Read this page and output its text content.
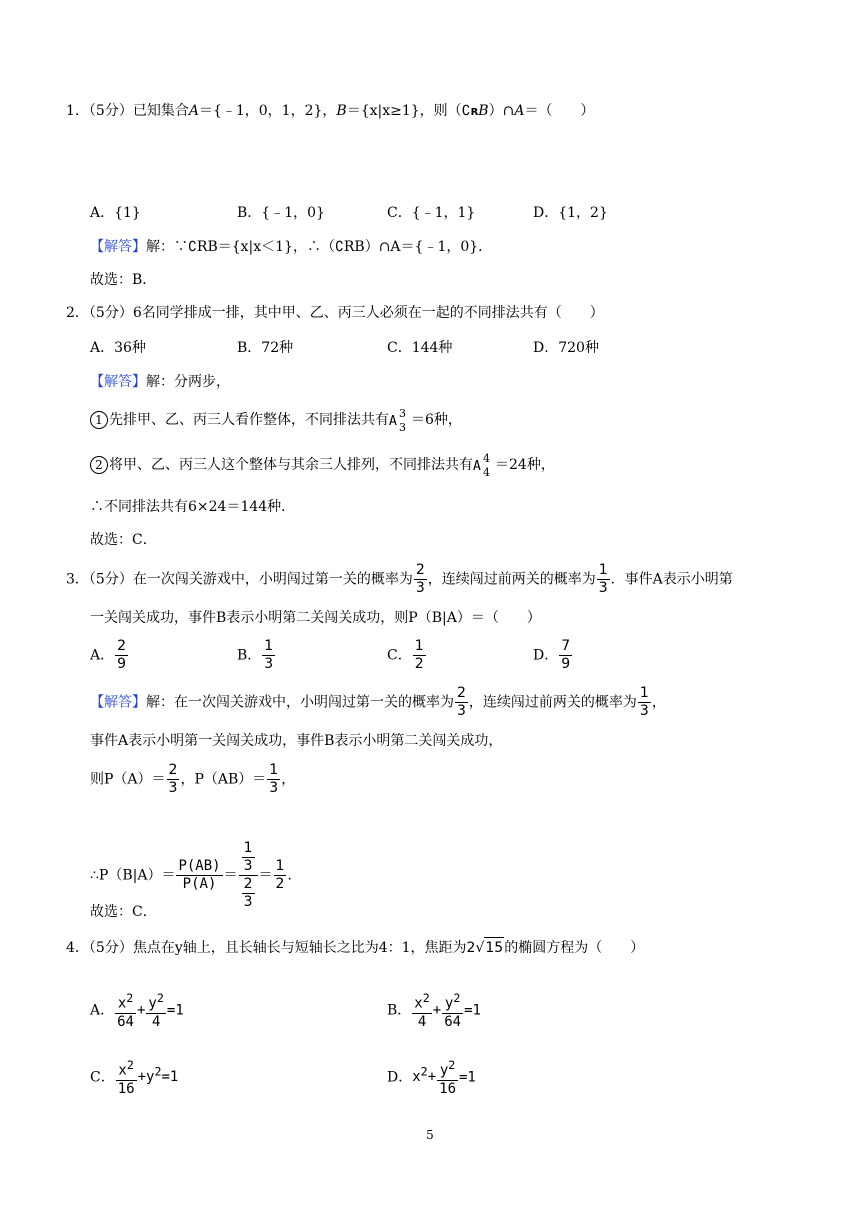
1．（5分）已知集合A＝{﹣1，0，1，2}，B＝{x|x≥1}，则（∁RB）∩A＝（　　）
A．{1}	B．{﹣1，0}	C．{﹣1，1}	D．{1，2}
【解答】解：∵∁RB＝{x|x＜1}，∴（∁RB）∩A＝{﹣1，0}．
故选：B．
2．（5分）6名同学排成一排，其中甲、乙、丙三人必须在一起的不同排法共有（　　）
A．36种	B．72种	C．144种	D．720种
【解答】解：分两步，
1 先排甲、乙、丙三人看作整体，不同排法共有 A
3
3 ＝6种，
2 将甲、乙、丙三人这个整体与其余三人排列，不同排法共有 A
4
4 ＝24种，
∴不同排法共有6×24＝144种．
故选：C．
3．（5分）在一次闯关游戏中，小明闯过第一关的概率为 $\frac{2}{3}$ ，连续闯过前两关的概率为 $\frac{1}{3}$ ．事件A表示小明第
一关闯关成功，事件B表示小明第二关闯关成功，则P（B|A）＝（　　）
A． $\frac{2}{9}$	B． $\frac{1}{3}$	C． $\frac{1}{2}$	D． $\frac{7}{9}$
【解答】解：在一次闯关游戏中，小明闯过第一关的概率为 $\frac{2}{3}$ ，连续闯过前两关的概率为 $\frac{1}{3}$ ，
事件A表示小明第一关闯关成功，事件B表示小明第二关闯关成功，
则$P(A)= \frac{2}{3}$ ，$P(AB)= \frac{1}{3}$ ，
∴P（B|A）＝ $\frac{P(AB)}{P(A)} = \frac{\frac{1}{3}}{\frac{2}{3}} = \frac{1}{2}$ ．
故选：C．
4．（5分）焦点在y轴上，且长轴长与短轴长之比为4：1，焦距为2√15的椭圆方程为（　　）
A． $\frac{x^2}{64} + \frac{y^2}{4} =1$	B． $\frac{x^2}{4} + \frac{y^2}{64} =1$
C． $\frac{x^2}{16} +y^2=1$	D．$x^2+ \frac{y^2}{16} =1$
5
